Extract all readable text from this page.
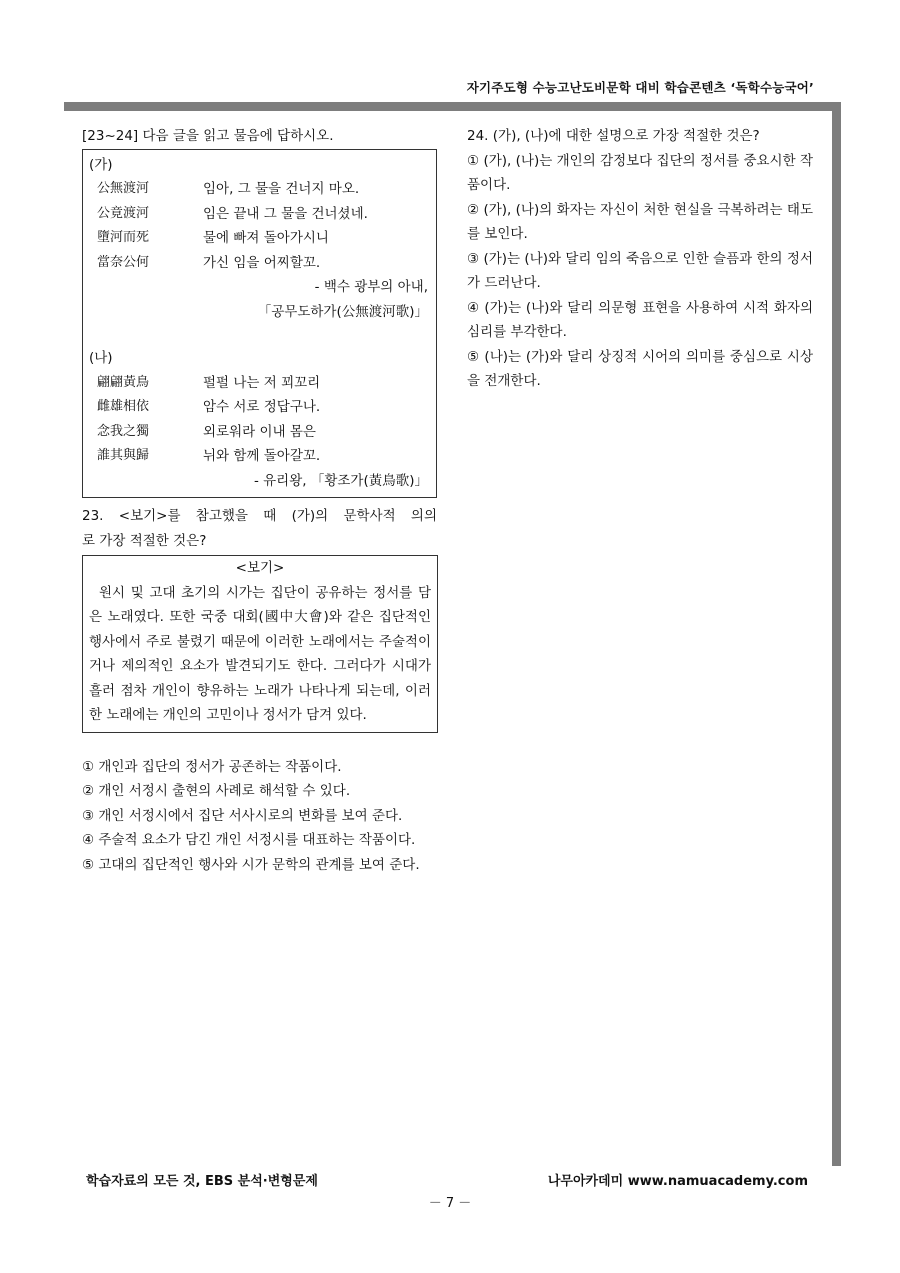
자기주도형 수능고난도비문학 대비 학습콘텐츠 ‘독학수능국어’
[23~24] 다음 글을 읽고 물음에 답하시오.
(가)
公無渡河	임아, 그 물을 건너지 마오.
公竟渡河	임은 끝내 그 물을 건너셨네.
墮河而死	물에 빠져 돌아가시니
當奈公何	가신 임을 어찌할꼬.
- 백수 광부의 아내,
「공무도하가(公無渡河歌)」
(나)
翩翩黃鳥	펄펄 나는 저 꾀꼬리
雌雄相依	암수 서로 정답구나.
念我之獨	외로워라 이내 몸은
誰其與歸	뉘와 함께 돌아갈꼬.
- 유리왕, 「황조가(黃鳥歌)」
23. <보기>를 참고했을 때 (가)의 문학사적 의의
로 가장 적절한 것은?
<보기>
원시 및 고대 초기의 시가는 집단이 공유하는 정서를 담은 노래였다. 또한 국중 대회(國中大會)와 같은 집단적인 행사에서 주로 불렸기 때문에 이러한 노래에서는 주술적이거나 제의적인 요소가 발견되기도 한다. 그러다가 시대가 흘러 점차 개인이 향유하는 노래가 나타나게 되는데, 이러한 노래에는 개인의 고민이나 정서가 담겨 있다.
① 개인과 집단의 정서가 공존하는 작품이다.
② 개인 서정시 출현의 사례로 해석할 수 있다.
③ 개인 서정시에서 집단 서사시로의 변화를 보여 준다.
④ 주술적 요소가 담긴 개인 서정시를 대표하는 작품이다.
⑤ 고대의 집단적인 행사와 시가 문학의 관계를 보여 준다.
24. (가), (나)에 대한 설명으로 가장 적절한 것은?
① (가), (나)는 개인의 감정보다 집단의 정서를 중요시한 작품이다.
② (가), (나)의 화자는 자신이 처한 현실을 극복하려는 태도를 보인다.
③ (가)는 (나)와 달리 임의 죽음으로 인한 슬픔과 한의 정서가 드러난다.
④ (가)는 (나)와 달리 의문형 표현을 사용하여 시적 화자의 심리를 부각한다.
⑤ (나)는 (가)와 달리 상징적 시어의 의미를 중심으로 시상을 전개한다.
학습자료의 모든 것, EBS 분석·변형문제	나무아카데미 www.namuacademy.com
－ 7 －
